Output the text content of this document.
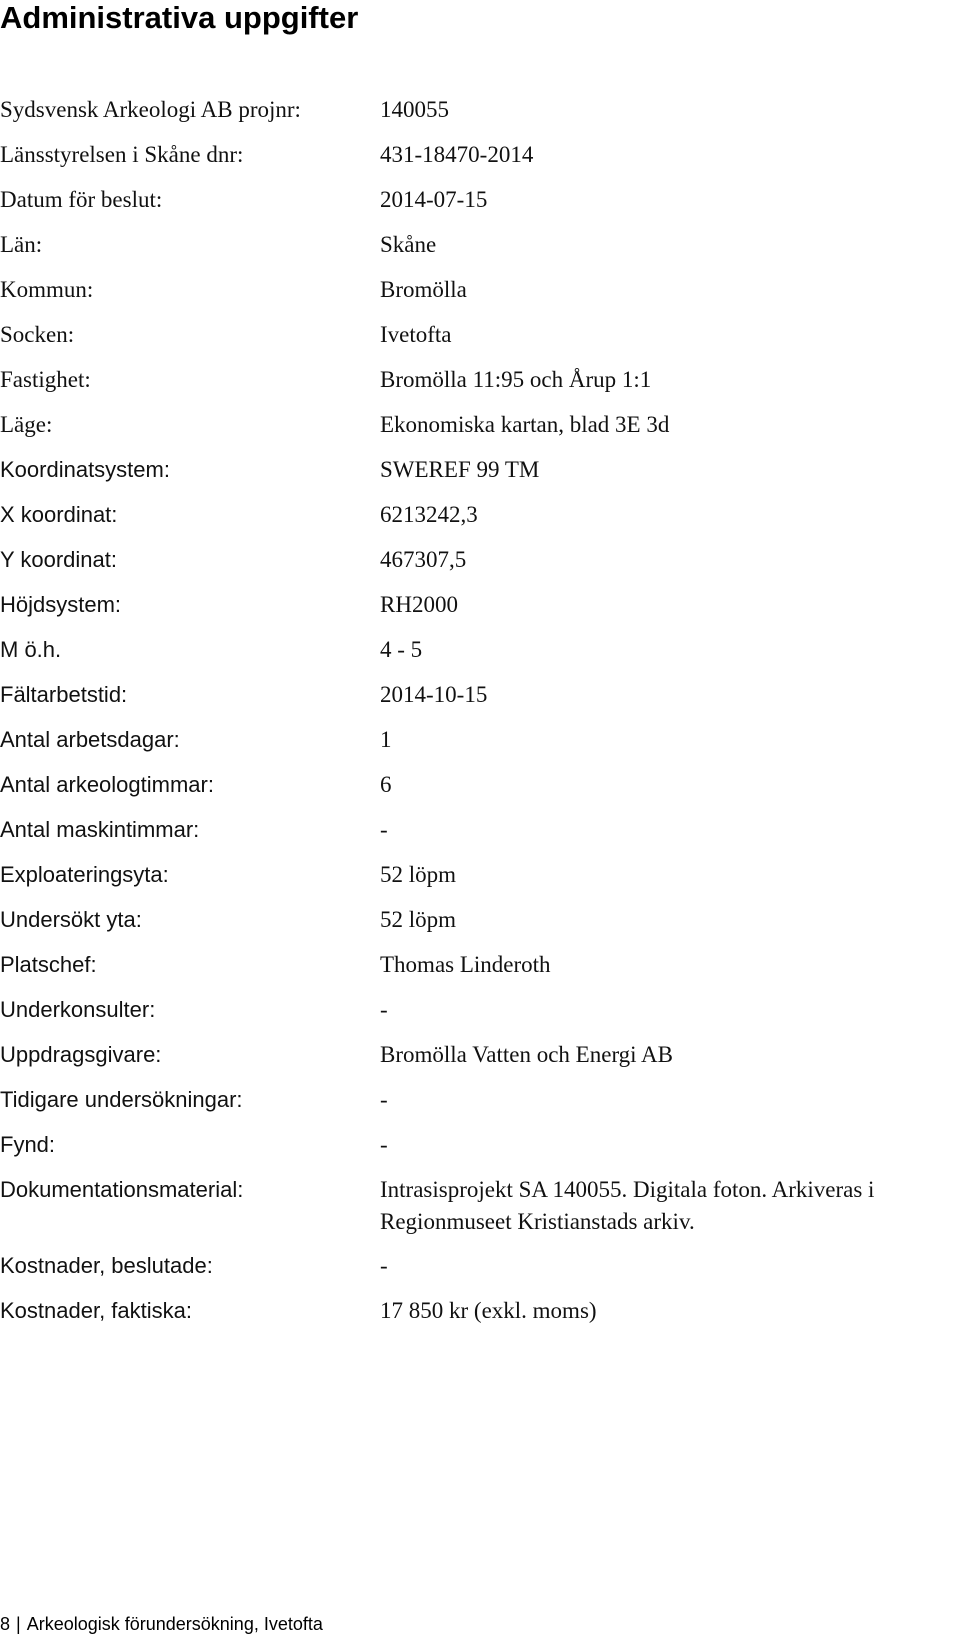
Administrativa uppgifter
Sydsvensk Arkeologi AB projnr:	140055
Länsstyrelsen i Skåne dnr:	431-18470-2014
Datum för beslut:	2014-07-15
Län:	Skåne
Kommun:	Bromölla
Socken:	Ivetofta
Fastighet:	Bromölla 11:95 och Årup 1:1
Läge:	Ekonomiska kartan, blad 3E 3d
Koordinatsystem:	SWEREF 99 TM
X koordinat:	6213242,3
Y koordinat:	467307,5
Höjdsystem:	RH2000
M ö.h.	4 - 5
Fältarbetstid:	2014-10-15
Antal arbetsdagar:	1
Antal arkeologtimmar:	6
Antal maskintimmar:	-
Exploateringsyta:	52 löpm
Undersökt yta:	52 löpm
Platschef:	Thomas Linderoth
Underkonsulter:	-
Uppdragsgivare:	Bromölla Vatten och Energi AB
Tidigare undersökningar:	-
Fynd:	-
Dokumentationsmaterial:	Intrasisprojekt SA 140055. Digitala foton. Arkiveras i
Regionmuseet Kristianstads arkiv.
Kostnader, beslutade:	-
Kostnader, faktiska:	17 850 kr (exkl. moms)
8 | Arkeologisk förundersökning, Ivetofta
